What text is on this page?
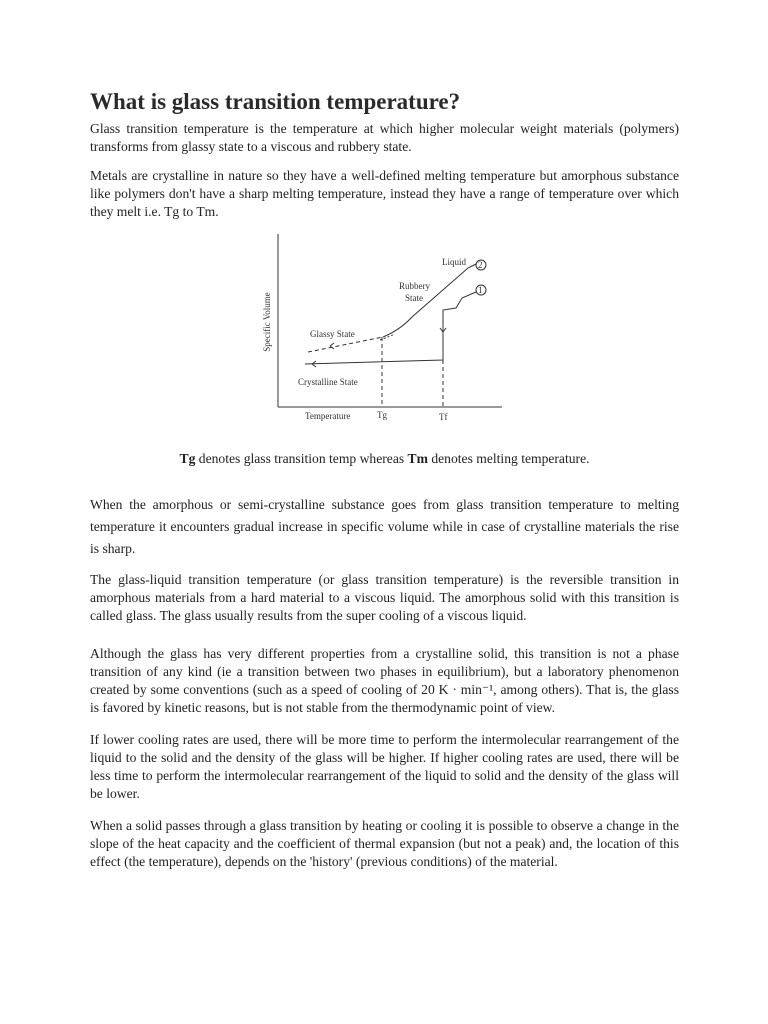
What is glass transition temperature?

Glass transition temperature is the temperature at which higher molecular weight materials (polymers) transforms from glassy state to a viscous and rubbery state.

Metals are crystalline in nature so they have a well-defined melting temperature but amorphous substance like polymers don't have a sharp melting temperature, instead they have a range of temperature over which they melt i.e. Tg to Tm.

Specific Volume
Temperature	Tg	Tf
Liquid
Rubbery
State
Glassy State
Crystalline State
2
1
Tg denotes glass transition temp whereas Tm denotes melting temperature.

When the amorphous or semi-crystalline substance goes from glass transition temperature to melting temperature it encounters gradual increase in specific volume while in case of crystalline materials the rise is sharp.

The glass-liquid transition temperature (or glass transition temperature) is the reversible transition in amorphous materials from a hard material to a viscous liquid. The amorphous solid with this transition is called glass. The glass usually results from the super cooling of a viscous liquid.

Although the glass has very different properties from a crystalline solid, this transition is not a phase transition of any kind (ie a transition between two phases in equilibrium), but a laboratory phenomenon created by some conventions (such as a speed of cooling of 20 K · min⁻¹, among others). That is, the glass is favored by kinetic reasons, but is not stable from the thermodynamic point of view.

If lower cooling rates are used, there will be more time to perform the intermolecular rearrangement of the liquid to the solid and the density of the glass will be higher. If higher cooling rates are used, there will be less time to perform the intermolecular rearrangement of the liquid to solid and the density of the glass will be lower.

When a solid passes through a glass transition by heating or cooling it is possible to observe a change in the slope of the heat capacity and the coefficient of thermal expansion (but not a peak) and, the location of this effect (the temperature), depends on the 'history' (previous conditions) of the material.
